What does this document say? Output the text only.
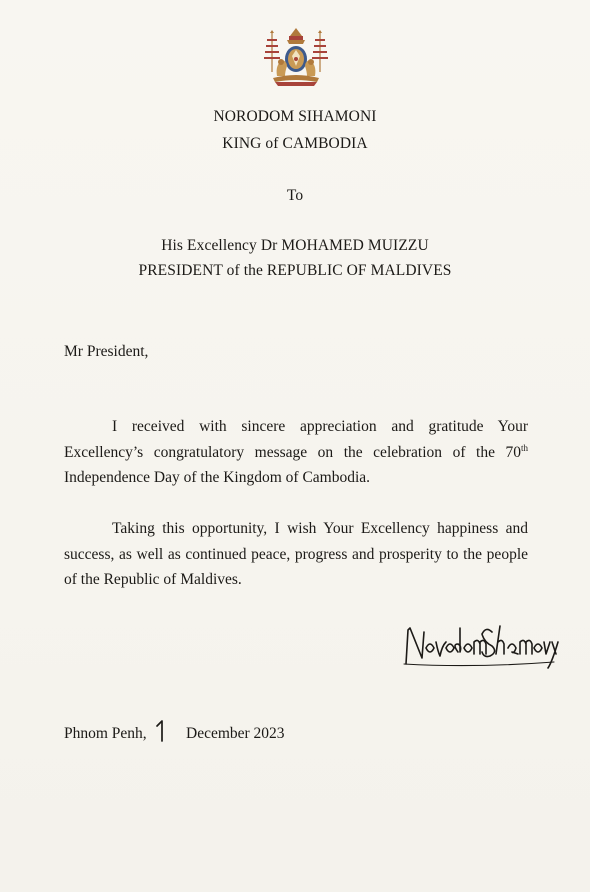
NORODOM SIHAMONI
KING of CAMBODIA
To
His Excellency Dr MOHAMED MUIZZU
PRESIDENT of the REPUBLIC OF MALDIVES
Mr President,
I received with sincere appreciation and gratitude Your
Excellency’s congratulatory message on the celebration of the 70th
Independence Day of the Kingdom of Cambodia.

Taking this opportunity, I wish Your Excellency happiness and success, as well as continued peace, progress and prosperity to the people of the Republic of Maldives.

Phnom Penh,	December 2023
